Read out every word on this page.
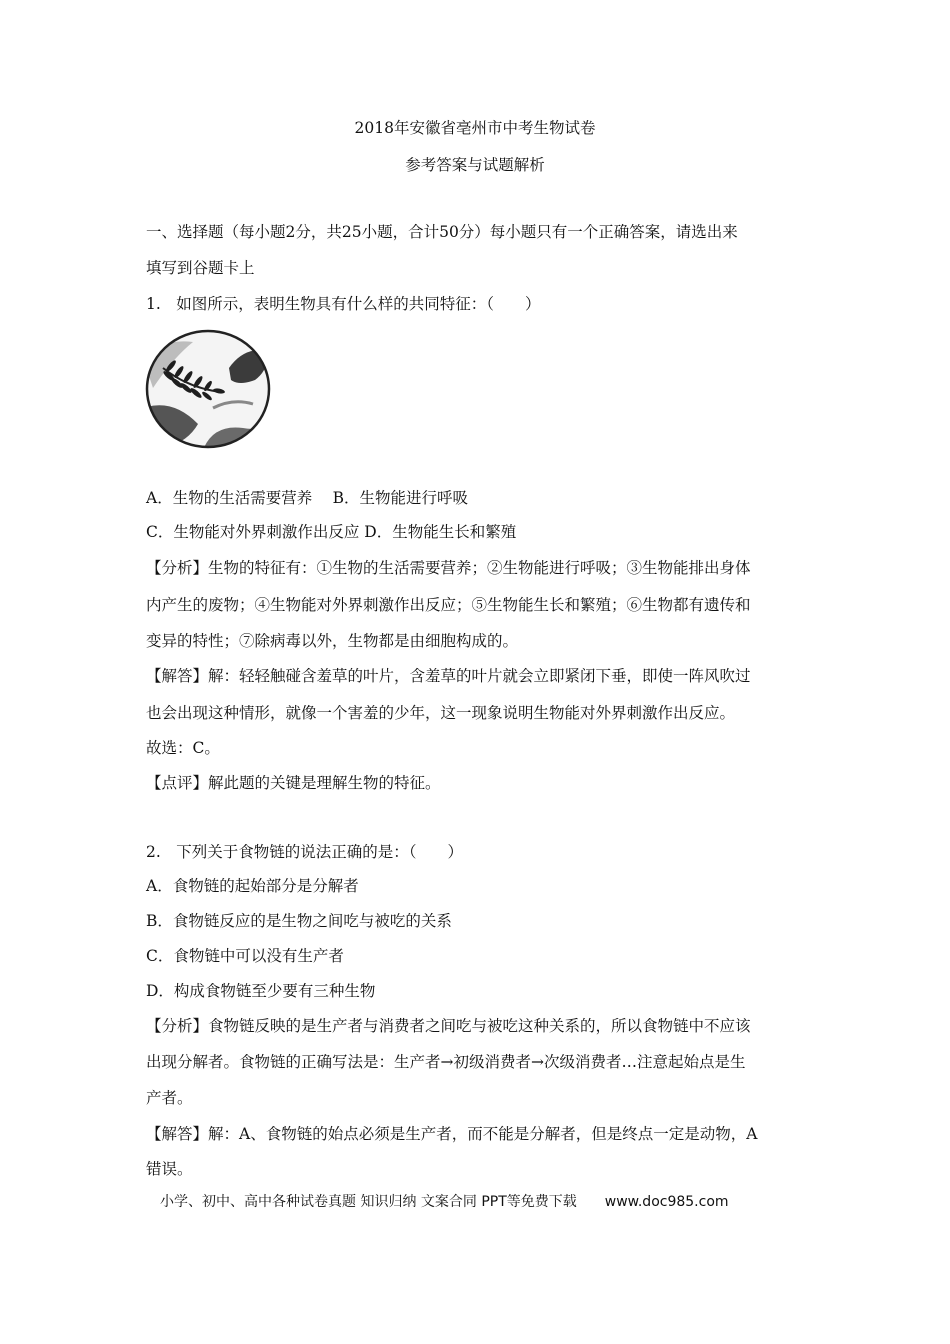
2018年安徽省亳州市中考生物试卷
参考答案与试题解析
一、选择题（每小题2分，共25小题，合计50分）每小题只有一个正确答案，请选出来
填写到谷题卡上
1.　如图所示，表明生物具有什么样的共同特征：（　　）
A．生物的生活需要营养　 B．生物能进行呼吸
C．生物能对外界刺激作出反应 D．生物能生长和繁殖
【分析】生物的特征有：①生物的生活需要营养；②生物能进行呼吸；③生物能排出身体
内产生的废物；④生物能对外界刺激作出反应；⑤生物能生长和繁殖；⑥生物都有遗传和
变异的特性；⑦除病毒以外，生物都是由细胞构成的。
【解答】解：轻轻触碰含羞草的叶片，含羞草的叶片就会立即紧闭下垂，即使一阵风吹过
也会出现这种情形，就像一个害羞的少年，这一现象说明生物能对外界刺激作出反应。
故选：C。
【点评】解此题的关键是理解生物的特征。
2.　下列关于食物链的说法正确的是：（　　）
A．食物链的起始部分是分解者
B．食物链反应的是生物之间吃与被吃的关系
C．食物链中可以没有生产者
D．构成食物链至少要有三种生物
【分析】食物链反映的是生产者与消费者之间吃与被吃这种关系的，所以食物链中不应该
出现分解者。食物链的正确写法是：生产者→初级消费者→次级消费者…注意起始点是生
产者。
【解答】解：A、食物链的始点必须是生产者，而不能是分解者，但是终点一定是动物，A
错误。
小学、初中、高中各种试卷真题 知识归纳 文案合同 PPT等免费下载　　www.doc985.com
